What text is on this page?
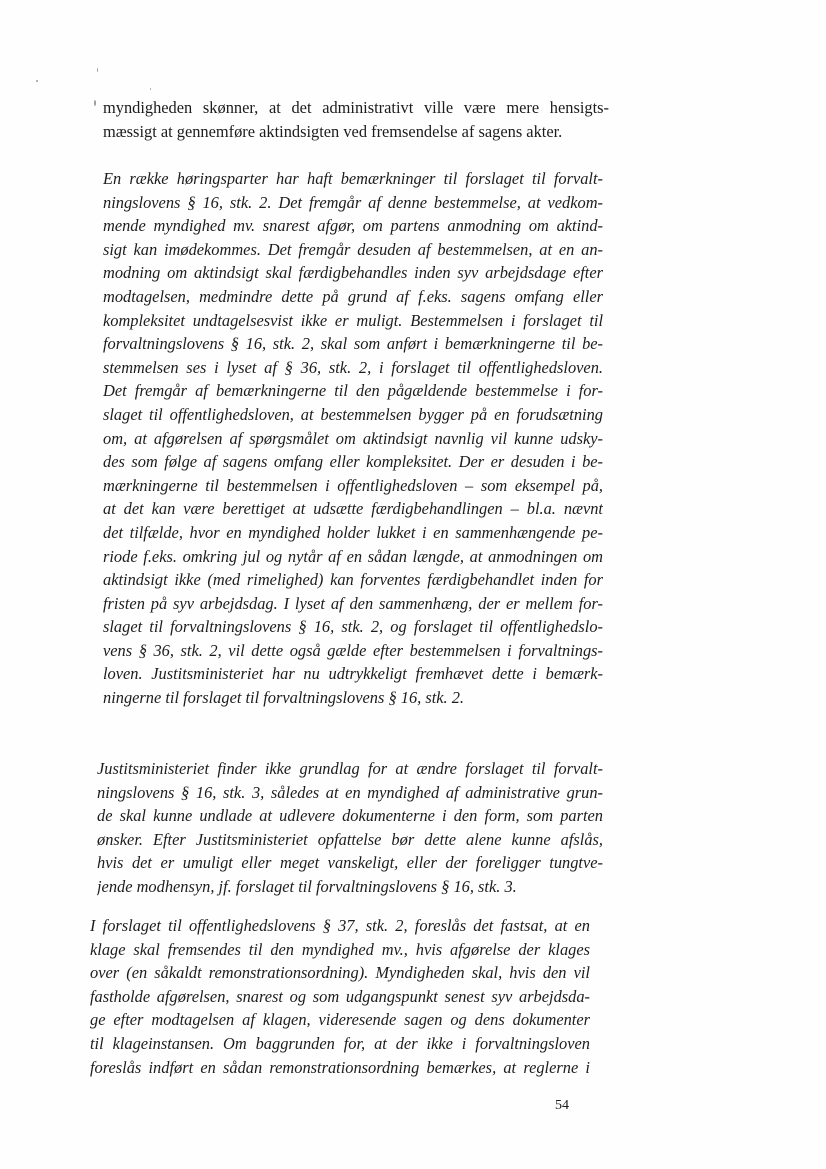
myndigheden skønner, at det administrativt ville være mere hensigts-
mæssigt at gennemføre aktindsigten ved fremsendelse af sagens akter.
En række høringsparter har haft bemærkninger til forslaget til forvalt-
ningslovens § 16, stk. 2. Det fremgår af denne bestemmelse, at vedkom-
mende myndighed mv. snarest afgør, om partens anmodning om aktind-
sigt kan imødekommes. Det fremgår desuden af bestemmelsen, at en an-
modning om aktindsigt skal færdigbehandles inden syv arbejdsdage efter
modtagelsen, medmindre dette på grund af f.eks. sagens omfang eller
kompleksitet undtagelsesvist ikke er muligt. Bestemmelsen i forslaget til
forvaltningslovens § 16, stk. 2, skal som anført i bemærkningerne til be-
stemmelsen ses i lyset af § 36, stk. 2, i forslaget til offentlighedsloven.
Det fremgår af bemærkningerne til den pågældende bestemmelse i for-
slaget til offentlighedsloven, at bestemmelsen bygger på en forudsætning
om, at afgørelsen af spørgsmålet om aktindsigt navnlig vil kunne udsky-
des som følge af sagens omfang eller kompleksitet. Der er desuden i be-
mærkningerne til bestemmelsen i offentlighedsloven – som eksempel på,
at det kan være berettiget at udsætte færdigbehandlingen – bl.a. nævnt
det tilfælde, hvor en myndighed holder lukket i en sammenhængende pe-
riode f.eks. omkring jul og nytår af en sådan længde, at anmodningen om
aktindsigt ikke (med rimelighed) kan forventes færdigbehandlet inden for
fristen på syv arbejdsdag. I lyset af den sammenhæng, der er mellem for-
slaget til forvaltningslovens § 16, stk. 2, og forslaget til offentlighedslo-
vens § 36, stk. 2, vil dette også gælde efter bestemmelsen i forvaltnings-
loven. Justitsministeriet har nu udtrykkeligt fremhævet dette i bemærk-
ningerne til forslaget til forvaltningslovens § 16, stk. 2.
Justitsministeriet finder ikke grundlag for at ændre forslaget til forvalt-
ningslovens § 16, stk. 3, således at en myndighed af administrative grun-
de skal kunne undlade at udlevere dokumenterne i den form, som parten
ønsker. Efter Justitsministeriet opfattelse bør dette alene kunne afslås,
hvis det er umuligt eller meget vanskeligt, eller der foreligger tungtve-
jende modhensyn, jf. forslaget til forvaltningslovens § 16, stk. 3.
I forslaget til offentlighedslovens § 37, stk. 2, foreslås det fastsat, at en
klage skal fremsendes til den myndighed mv., hvis afgørelse der klages
over (en såkaldt remonstrationsordning). Myndigheden skal, hvis den vil
fastholde afgørelsen, snarest og som udgangspunkt senest syv arbejdsda-
ge efter modtagelsen af klagen, videresende sagen og dens dokumenter
til klageinstansen. Om baggrunden for, at der ikke i forvaltningsloven
foreslås indført en sådan remonstrationsordning bemærkes, at reglerne i
54
